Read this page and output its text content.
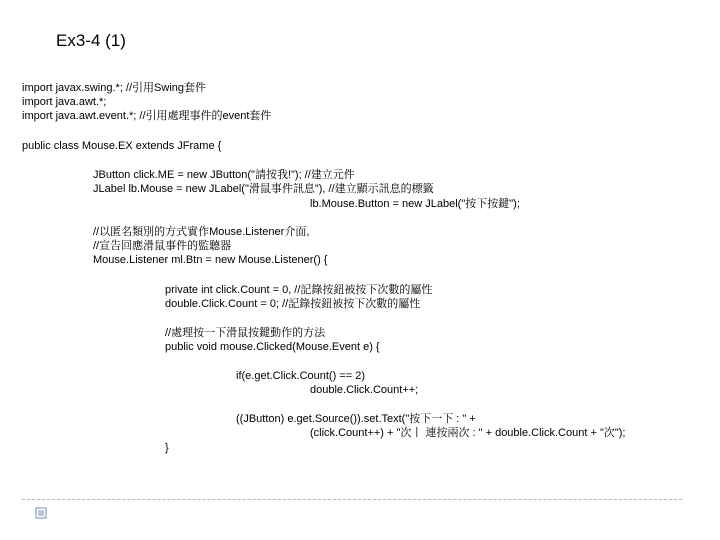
Ex3-4 (1)
import javax.swing.*; //引用Swing套件
import java.awt.*;
import java.awt.event.*; //引用處理事件的event套件
public class Mouse.EX extends JFrame {
JButton click.ME = new JButton("請按我!"); //建立元件
JLabel lb.Mouse = new JLabel("滑鼠事件訊息"), //建立顯示訊息的標籤
lb.Mouse.Button = new JLabel("按下按鍵");
//以匿名類別的方式實作Mouse.Listener介面,
//宣告回應滑鼠事件的監聽器
Mouse.Listener ml.Btn = new Mouse.Listener() {
private int click.Count = 0, //記錄按鈕被按下次數的屬性
double.Click.Count = 0; //記錄按鈕被按下次數的屬性
//處理按一下滑鼠按鍵動作的方法
public void mouse.Clicked(Mouse.Event e) {
if(e.get.Click.Count() == 2)
double.Click.Count++;
((JButton) e.get.Source()).set.Text("按下一下 : " +
(click.Count++) + "次丨 連按兩次 : " + double.Click.Count + "次");
}
